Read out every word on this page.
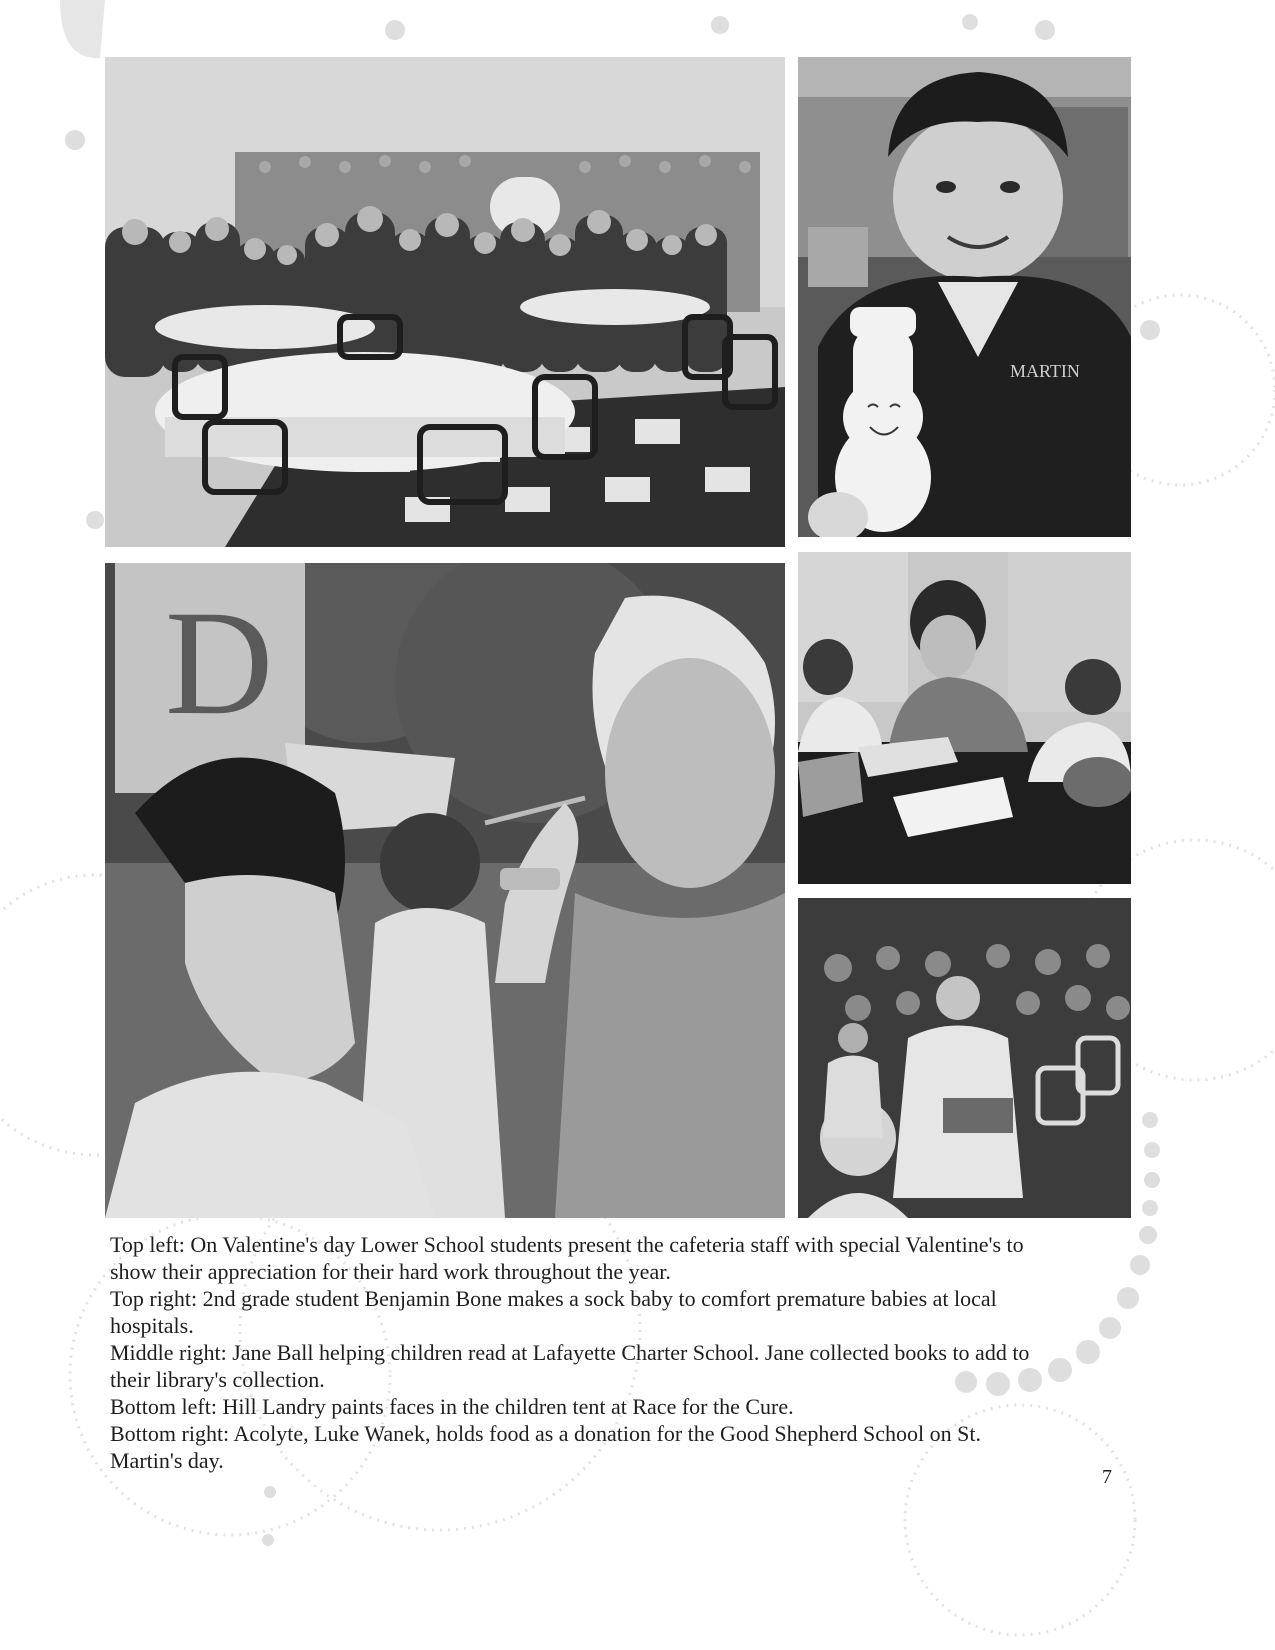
MARTIN
D

Top left: On Valentine's day Lower School students present the cafeteria staff with special Valentine's to show their appreciation for their hard work throughout the year.

Top right: 2nd grade student Benjamin Bone makes a sock baby to comfort premature babies at local hospitals.

Middle right: Jane Ball helping children read at Lafayette Charter School. Jane collected books to add to their library's collection.

Bottom left: Hill Landry paints faces in the children tent at Race for the Cure.

Bottom right: Acolyte, Luke Wanek, holds food as a donation for the Good Shepherd School on St. Martin's day.

7
